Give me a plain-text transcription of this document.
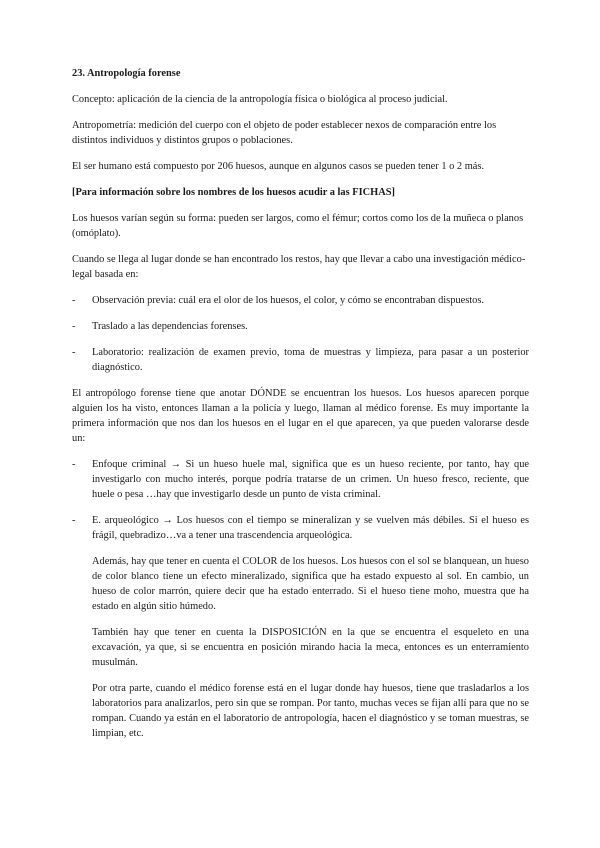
23. Antropología forense

Concepto: aplicación de la ciencia de la antropología física o biológica al proceso judicial.

Antropometría: medición del cuerpo con el objeto de poder establecer nexos de comparación entre los distintos individuos y distintos grupos o poblaciones.

El ser humano está compuesto por 206 huesos, aunque en algunos casos se pueden tener 1 o 2 más.

[Para información sobre los nombres de los huesos acudir a las FICHAS]

Los huesos varían según su forma: pueden ser largos, como el fémur; cortos como los de la muñeca o planos (omóplato).

Cuando se llega al lugar donde se han encontrado los restos, hay que llevar a cabo una investigación médico-legal basada en:

- Observación previa: cuál era el olor de los huesos, el color, y cómo se encontraban dispuestos.
- Traslado a las dependencias forenses.
- Laboratorio: realización de examen previo, toma de muestras y limpieza, para pasar a un posterior diagnóstico.

El antropólogo forense tiene que anotar DÓNDE se encuentran los huesos. Los huesos aparecen porque alguien los ha visto, entonces llaman a la policía y luego, llaman al médico forense. Es muy importante la primera información que nos dan los huesos en el lugar en el que aparecen, ya que pueden valorarse desde un:

- Enfoque criminal → Si un hueso huele mal, significa que es un hueso reciente, por tanto, hay que investigarlo con mucho interés, porque podría tratarse de un crimen. Un hueso fresco, reciente, que huele o pesa …hay que investigarlo desde un punto de vista criminal.
- E. arqueológico → Los huesos con el tiempo se mineralizan y se vuelven más débiles. Si el hueso es frágil, quebradizo…va a tener una trascendencia arqueológica.

Además, hay que tener en cuenta el COLOR de los huesos. Los huesos con el sol se blanquean, un hueso de color blanco tiene un efecto mineralizado, significa que ha estado expuesto al sol. En cambio, un hueso de color marrón, quiere decir que ha estado enterrado. Si el hueso tiene moho, muestra que ha estado en algún sitio húmedo.

También hay que tener en cuenta la DISPOSICIÓN en la que se encuentra el esqueleto en una excavación, ya que, si se encuentra en posición mirando hacia la meca, entonces es un enterramiento musulmán.

Por otra parte, cuando el médico forense está en el lugar donde hay huesos, tiene que trasladarlos a los laboratorios para analizarlos, pero sin que se rompan. Por tanto, muchas veces se fijan allí para que no se rompan. Cuando ya están en el laboratorio de antropología, hacen el diagnóstico y se toman muestras, se limpian, etc.
